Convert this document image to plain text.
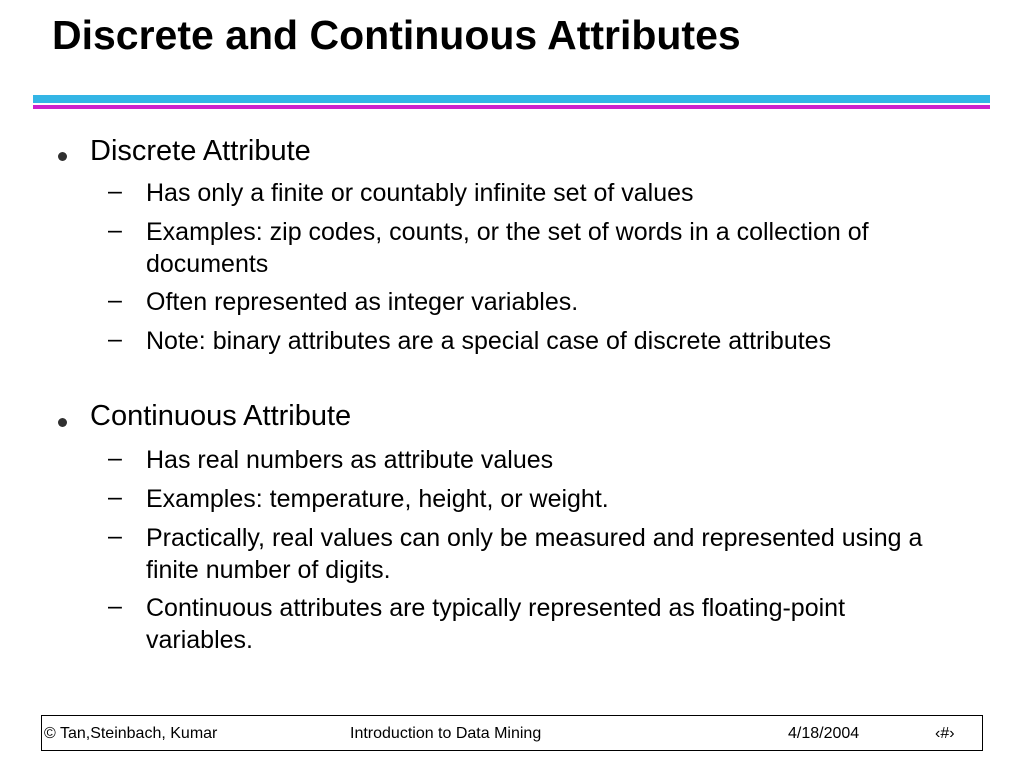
Discrete and Continuous Attributes
Discrete Attribute
– Has only a finite or countably infinite set of values
– Examples: zip codes, counts, or the set of words in a collection of documents
– Often represented as integer variables.
– Note: binary attributes are a special case of discrete attributes
Continuous Attribute
– Has real numbers as attribute values
– Examples: temperature, height, or weight.
– Practically, real values can only be measured and represented using a finite number of digits.
– Continuous attributes are typically represented as floating-point variables.
© Tan,Steinbach, Kumar	Introduction to Data Mining	4/18/2004	‹#›
